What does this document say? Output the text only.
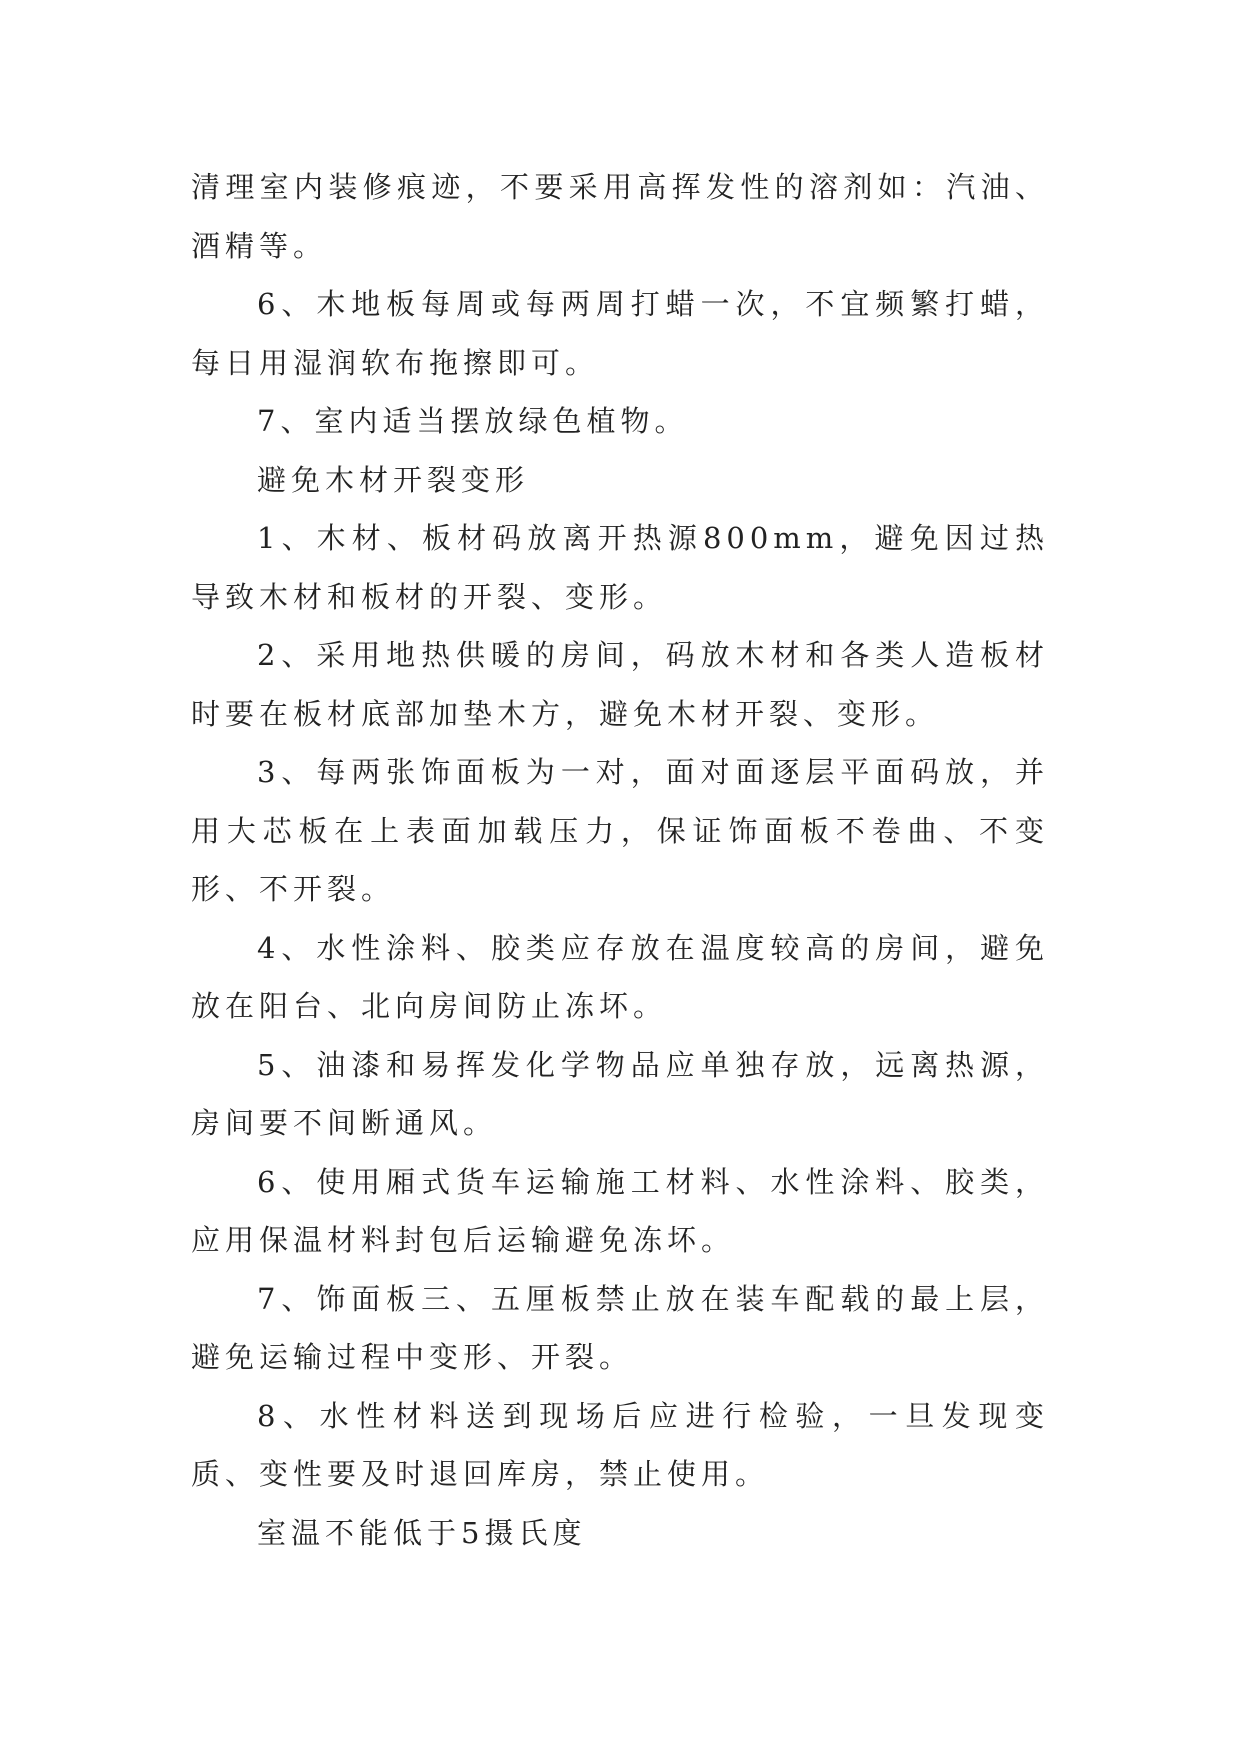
清理室内装修痕迹，不要采用高挥发性的溶剂如：汽油、酒精等。

6、木地板每周或每两周打蜡一次，不宜频繁打蜡，每日用湿润软布拖擦即可。

7、室内适当摆放绿色植物。

避免木材开裂变形

1、木材、板材码放离开热源800mm，避免因过热导致木材和板材的开裂、变形。

2、采用地热供暖的房间，码放木材和各类人造板材时要在板材底部加垫木方，避免木材开裂、变形。

3、每两张饰面板为一对，面对面逐层平面码放，并用大芯板在上表面加载压力，保证饰面板不卷曲、不变形、不开裂。

4、水性涂料、胶类应存放在温度较高的房间，避免放在阳台、北向房间防止冻坏。

5、油漆和易挥发化学物品应单独存放，远离热源，房间要不间断通风。

6、使用厢式货车运输施工材料、水性涂料、胶类，应用保温材料封包后运输避免冻坏。

7、饰面板三、五厘板禁止放在装车配载的最上层，避免运输过程中变形、开裂。

8、水性材料送到现场后应进行检验，一旦发现变质、变性要及时退回库房，禁止使用。

室温不能低于5摄氏度
